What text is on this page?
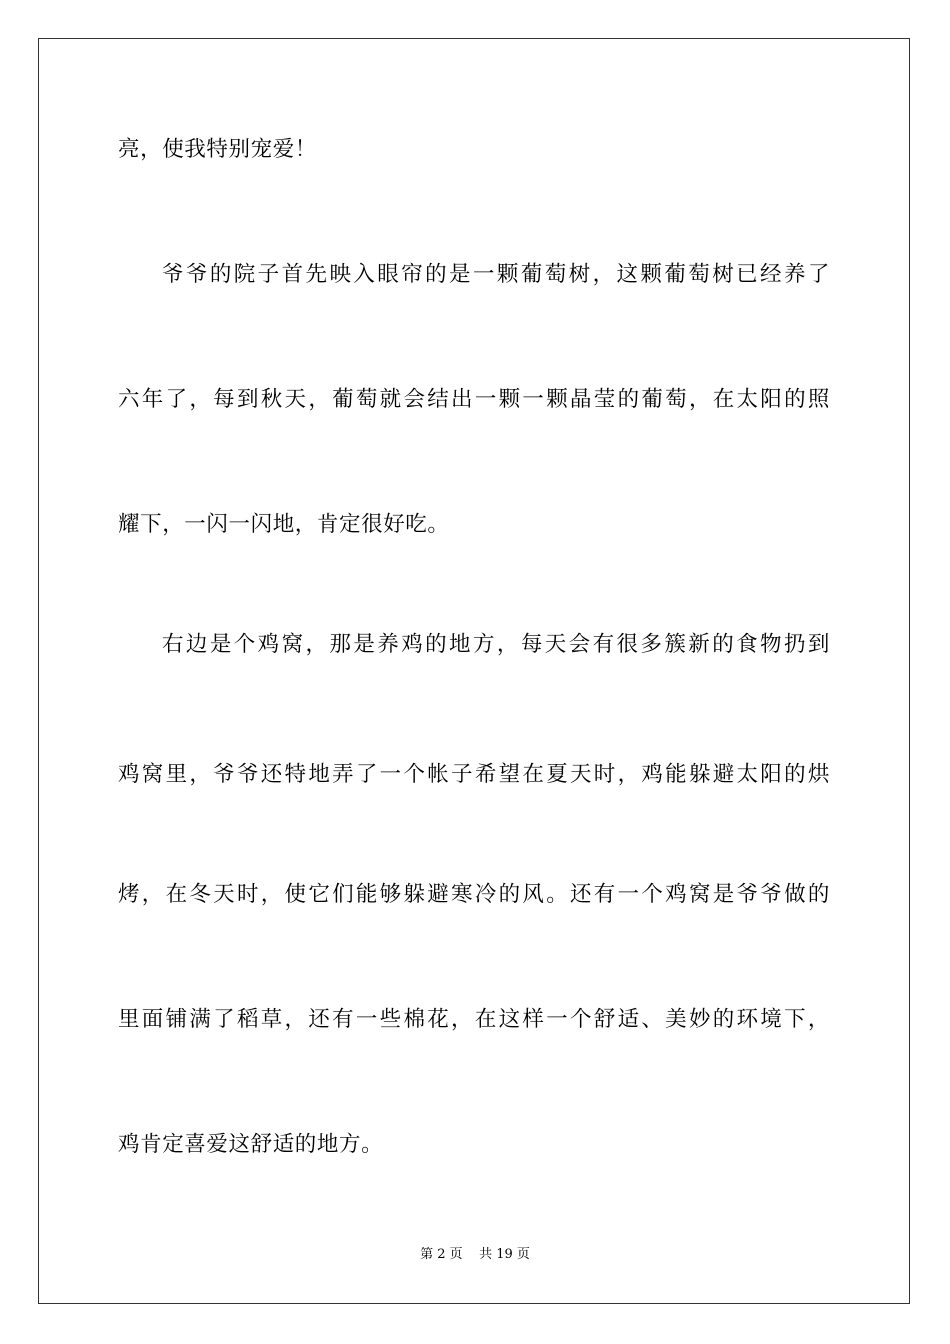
亮，使我特别宠爱！
爷爷的院子首先映入眼帘的是一颗葡萄树，这颗葡萄树已经养了
六年了，每到秋天，葡萄就会结出一颗一颗晶莹的葡萄，在太阳的照
耀下，一闪一闪地，肯定很好吃。
右边是个鸡窝，那是养鸡的地方，每天会有很多簇新的食物扔到
鸡窝里，爷爷还特地弄了一个帐子希望在夏天时，鸡能躲避太阳的烘
烤，在冬天时，使它们能够躲避寒冷的风。还有一个鸡窝是爷爷做的
里面铺满了稻草，还有一些棉花，在这样一个舒适、美妙的环境下，
鸡肯定喜爱这舒适的地方。
第 2 页    共 19 页
